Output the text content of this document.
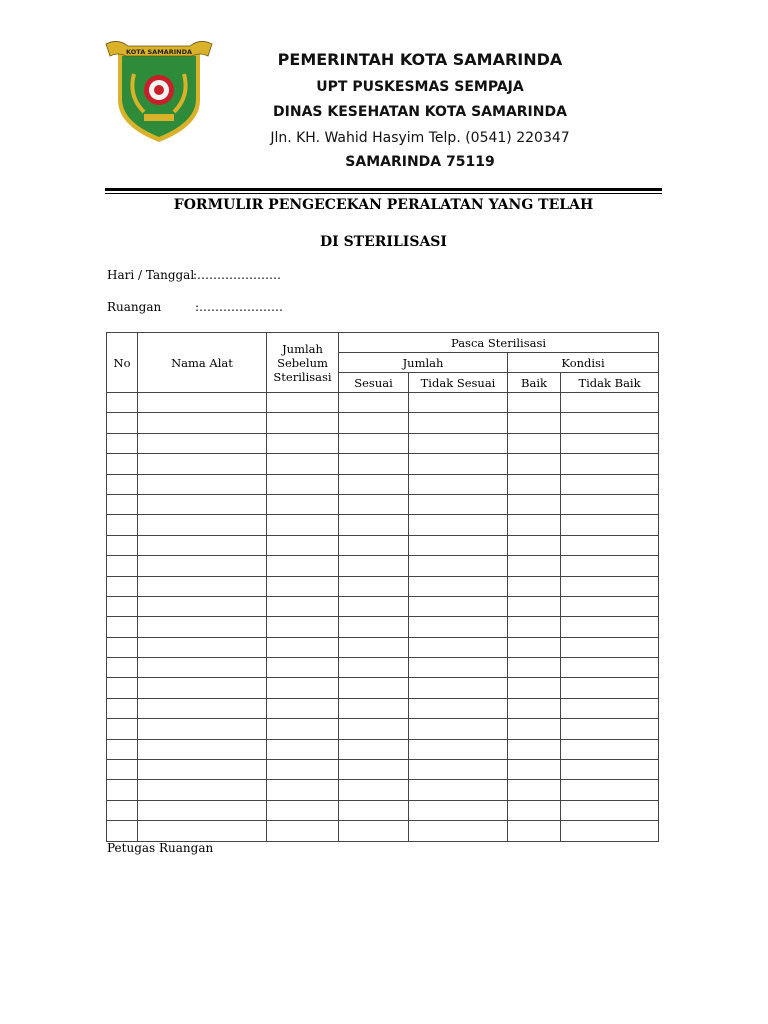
KOTA SAMARINDA	PEMERINTAH KOTA SAMARINDA
UPT PUSKESMAS SEMPAJA
DINAS KESEHATAN KOTA SAMARINDA
Jln. KH. Wahid Hasyim Telp. (0541) 220347
SAMARINDA 75119
FORMULIR PENGECEKAN PERALATAN YANG TELAH
DI STERILISASI
Hari / Tanggal
:…………………
Ruangan	:…………………
No	Nama Alat	Jumlah Sebelum Sterilisasi	Pasca Sterilisasi			
			Jumlah		Kondisi	
			Sesuai	Tidak Sesuai	Baik	Tidak Baik

Petugas Ruangan
